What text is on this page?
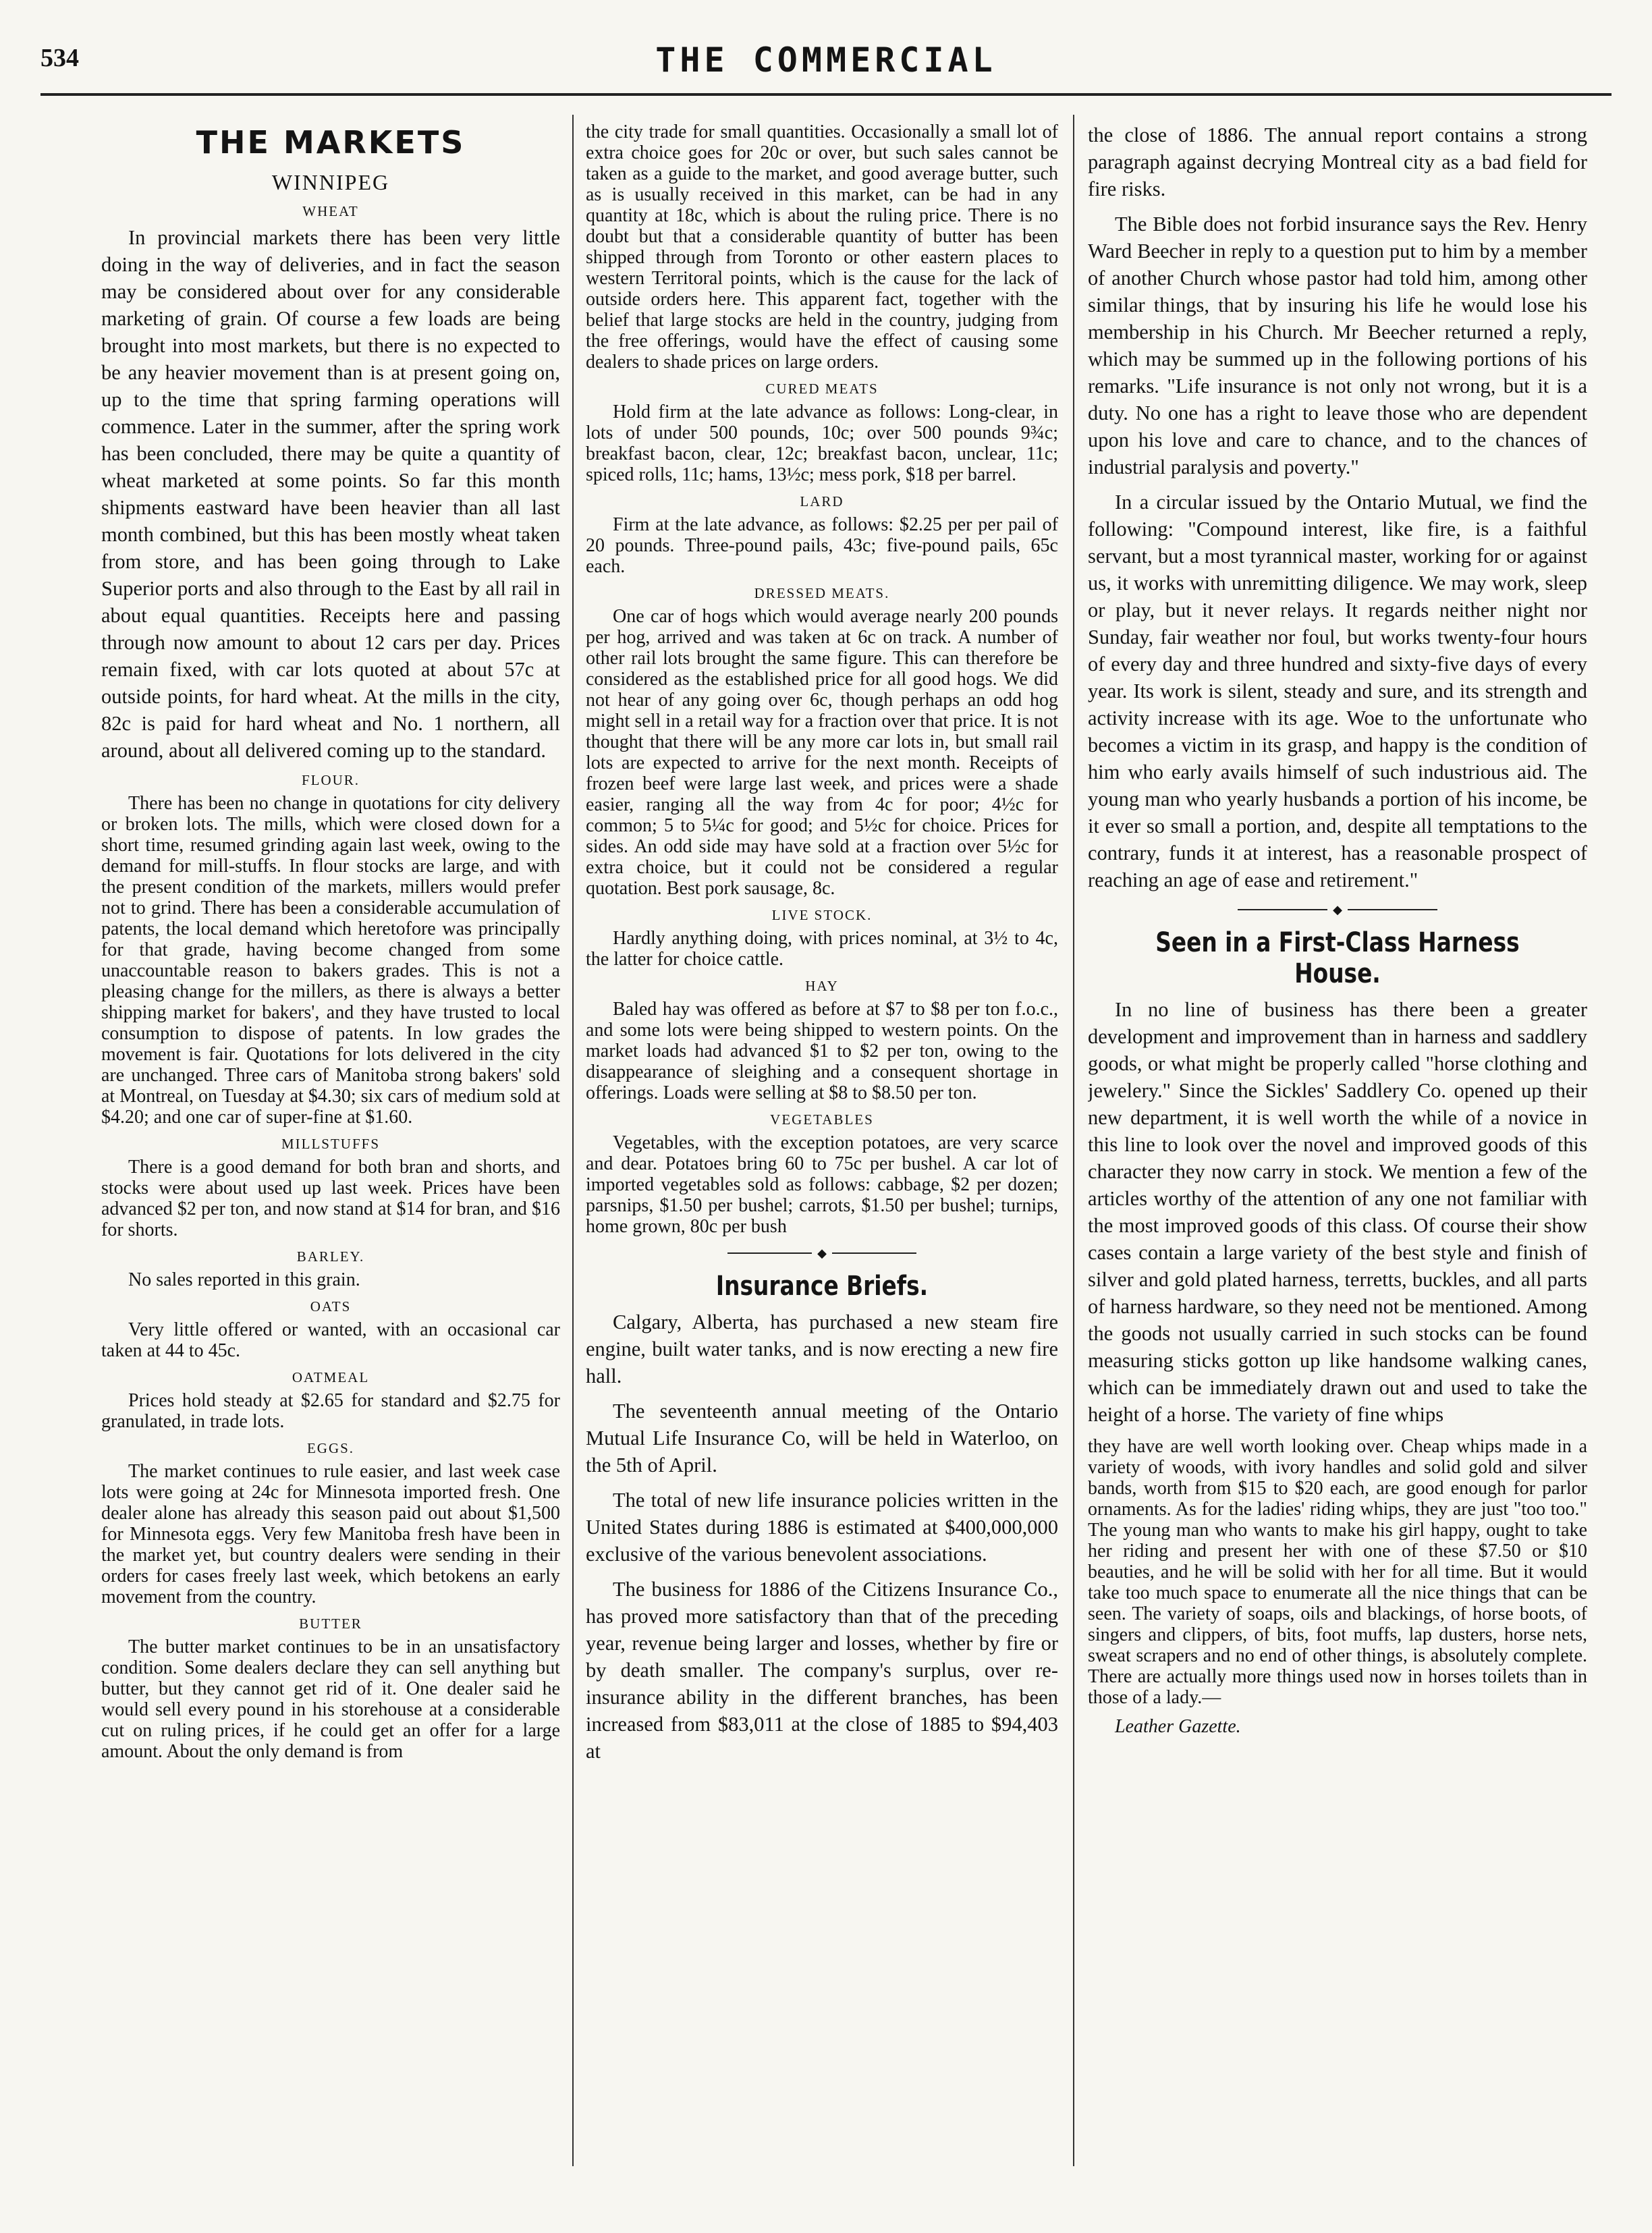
534	THE COMMERCIAL
THE MARKETS
WINNIPEG
WHEAT

In provincial markets there has been very little doing in the way of deliveries, and in fact the season may be considered about over for any considerable marketing of grain. Of course a few loads are being brought into most markets, but there is no expected to be any heavier movement than is at present going on, up to the time that spring farming operations will commence. Later in the summer, after the spring work has been concluded, there may be quite a quantity of wheat marketed at some points. So far this month shipments eastward have been heavier than all last month combined, but this has been mostly wheat taken from store, and has been going through to Lake Superior ports and also through to the East by all rail in about equal quantities. Receipts here and passing through now amount to about 12 cars per day. Prices remain fixed, with car lots quoted at about 57c at outside points, for hard wheat. At the mills in the city, 82c is paid for hard wheat and No. 1 northern, all around, about all delivered coming up to the standard.

FLOUR.

There has been no change in quotations for city delivery or broken lots. The mills, which were closed down for a short time, resumed grinding again last week, owing to the demand for mill-stuffs. In flour stocks are large, and with the present condition of the markets, millers would prefer not to grind. There has been a considerable accumulation of patents, the local demand which heretofore was principally for that grade, having become changed from some unaccountable reason to bakers grades. This is not a pleasing change for the millers, as there is always a better shipping market for bakers', and they have trusted to local consumption to dispose of patents. In low grades the movement is fair. Quotations for lots delivered in the city are unchanged. Three cars of Manitoba strong bakers' sold at Montreal, on Tuesday at $4.30; six cars of medium sold at $4.20; and one car of super-fine at $1.60.

MILLSTUFFS

There is a good demand for both bran and shorts, and stocks were about used up last week. Prices have been advanced $2 per ton, and now stand at $14 for bran, and $16 for shorts.

BARLEY.

No sales reported in this grain.

OATS

Very little offered or wanted, with an occasional car taken at 44 to 45c.

OATMEAL

Prices hold steady at $2.65 for standard and $2.75 for granulated, in trade lots.

EGGS.

The market continues to rule easier, and last week case lots were going at 24c for Minnesota imported fresh. One dealer alone has already this season paid out about $1,500 for Minnesota eggs. Very few Manitoba fresh have been in the market yet, but country dealers were sending in their orders for cases freely last week, which betokens an early movement from the country.

BUTTER

The butter market continues to be in an unsatisfactory condition. Some dealers declare they can sell anything but butter, but they cannot get rid of it. One dealer said he would sell every pound in his storehouse at a considerable cut on ruling prices, if he could get an offer for a large amount. About the only demand is from

the city trade for small quantities. Occasionally a small lot of extra choice goes for 20c or over, but such sales cannot be taken as a guide to the market, and good average butter, such as is usually received in this market, can be had in any quantity at 18c, which is about the ruling price. There is no doubt but that a considerable quantity of butter has been shipped through from Toronto or other eastern places to western Territoral points, which is the cause for the lack of outside orders here. This apparent fact, together with the belief that large stocks are held in the country, judging from the free offerings, would have the effect of causing some dealers to shade prices on large orders.

CURED MEATS

Hold firm at the late advance as follows: Long-clear, in lots of under 500 pounds, 10c; over 500 pounds 9¾c; breakfast bacon, clear, 12c; breakfast bacon, unclear, 11c; spiced rolls, 11c; hams, 13½c; mess pork, $18 per barrel.

LARD

Firm at the late advance, as follows: $2.25 per per pail of 20 pounds. Three-pound pails, 43c; five-pound pails, 65c each.

DRESSED MEATS.

One car of hogs which would average nearly 200 pounds per hog, arrived and was taken at 6c on track. A number of other rail lots brought the same figure. This can therefore be considered as the established price for all good hogs. We did not hear of any going over 6c, though perhaps an odd hog might sell in a retail way for a fraction over that price. It is not thought that there will be any more car lots in, but small rail lots are expected to arrive for the next month. Receipts of frozen beef were large last week, and prices were a shade easier, ranging all the way from 4c for poor; 4½c for common; 5 to 5¼c for good; and 5½c for choice. Prices for sides. An odd side may have sold at a fraction over 5½c for extra choice, but it could not be considered a regular quotation. Best pork sausage, 8c.

LIVE STOCK.

Hardly anything doing, with prices nominal, at 3½ to 4c, the latter for choice cattle.

HAY

Baled hay was offered as before at $7 to $8 per ton f.o.c., and some lots were being shipped to western points. On the market loads had advanced $1 to $2 per ton, owing to the disappearance of sleighing and a consequent shortage in offerings. Loads were selling at $8 to $8.50 per ton.

VEGETABLES

Vegetables, with the exception potatoes, are very scarce and dear. Potatoes bring 60 to 75c per bushel. A car lot of imported vegetables sold as follows: cabbage, $2 per dozen; parsnips, $1.50 per bushel; carrots, $1.50 per bushel; turnips, home grown, 80c per bush

◆
Insurance Briefs.

Calgary, Alberta, has purchased a new steam fire engine, built water tanks, and is now erecting a new fire hall.

The seventeenth annual meeting of the Ontario Mutual Life Insurance Co, will be held in Waterloo, on the 5th of April.

The total of new life insurance policies written in the United States during 1886 is estimated at $400,000,000 exclusive of the various benevolent associations.

The business for 1886 of the Citizens Insurance Co., has proved more satisfactory than that of the preceding year, revenue being larger and losses, whether by fire or by death smaller. The company's surplus, over re-insurance ability in the different branches, has been increased from $83,011 at the close of 1885 to $94,403 at

the close of 1886. The annual report contains a strong paragraph against decrying Montreal city as a bad field for fire risks.

The Bible does not forbid insurance says the Rev. Henry Ward Beecher in reply to a question put to him by a member of another Church whose pastor had told him, among other similar things, that by insuring his life he would lose his membership in his Church. Mr Beecher returned a reply, which may be summed up in the following portions of his remarks. "Life insurance is not only not wrong, but it is a duty. No one has a right to leave those who are dependent upon his love and care to chance, and to the chances of industrial paralysis and poverty."

In a circular issued by the Ontario Mutual, we find the following: "Compound interest, like fire, is a faithful servant, but a most tyrannical master, working for or against us, it works with unremitting diligence. We may work, sleep or play, but it never relays. It regards neither night nor Sunday, fair weather nor foul, but works twenty-four hours of every day and three hundred and sixty-five days of every year. Its work is silent, steady and sure, and its strength and activity increase with its age. Woe to the unfortunate who becomes a victim in its grasp, and happy is the condition of him who early avails himself of such industrious aid. The young man who yearly husbands a portion of his income, be it ever so small a portion, and, despite all temptations to the contrary, funds it at interest, has a reasonable prospect of reaching an age of ease and retirement."

◆
Seen in a First-Class Harness House.

In no line of business has there been a greater development and improvement than in harness and saddlery goods, or what might be properly called "horse clothing and jewelery." Since the Sickles' Saddlery Co. opened up their new department, it is well worth the while of a novice in this line to look over the novel and improved goods of this character they now carry in stock. We mention a few of the articles worthy of the attention of any one not familiar with the most improved goods of this class. Of course their show cases contain a large variety of the best style and finish of silver and gold plated harness, terretts, buckles, and all parts of harness hardware, so they need not be mentioned. Among the goods not usually carried in such stocks can be found measuring sticks gotton up like handsome walking canes, which can be immediately drawn out and used to take the height of a horse. The variety of fine whips

they have are well worth looking over. Cheap whips made in a variety of woods, with ivory handles and solid gold and silver bands, worth from $15 to $20 each, are good enough for parlor ornaments. As for the ladies' riding whips, they are just "too too." The young man who wants to make his girl happy, ought to take her riding and present her with one of these $7.50 or $10 beauties, and he will be solid with her for all time. But it would take too much space to enumerate all the nice things that can be seen. The variety of soaps, oils and blackings, of horse boots, of singers and clippers, of bits, foot muffs, lap dusters, horse nets, sweat scrapers and no end of other things, is absolutely complete. There are actually more things used now in horses toilets than in those of a lady.—

Leather Gazette.
